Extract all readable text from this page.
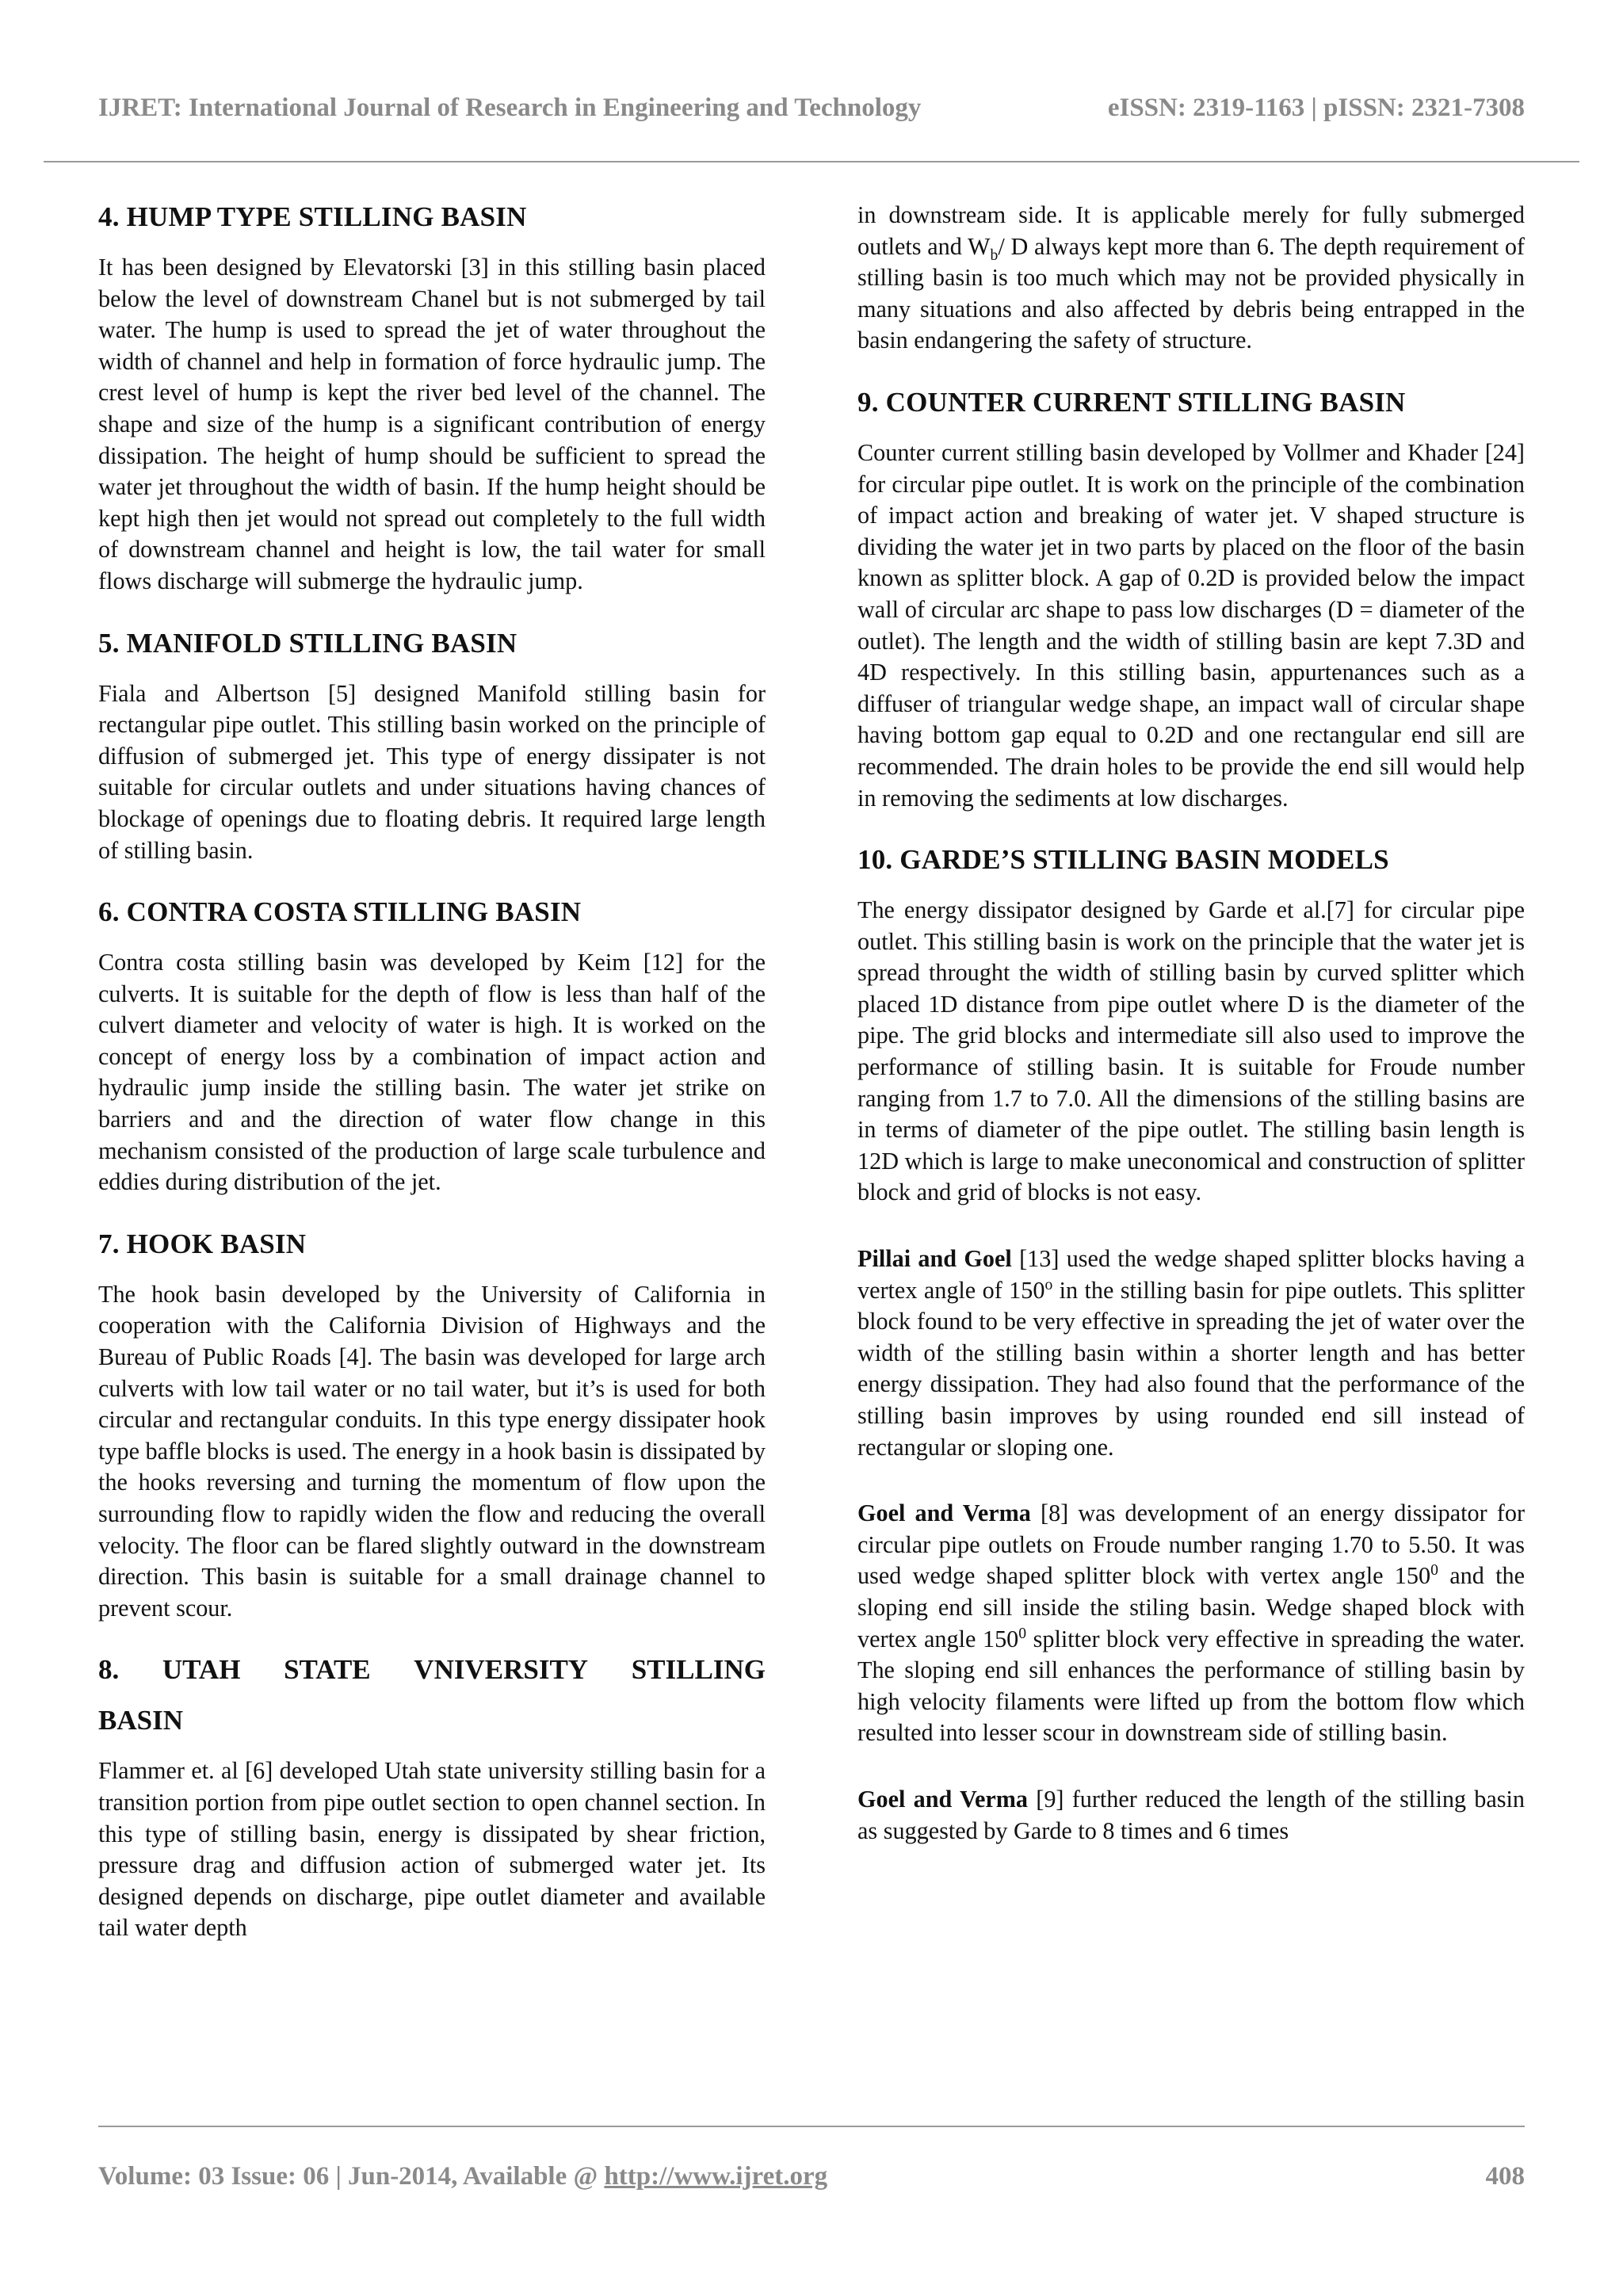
IJRET: International Journal of Research in Engineering and Technology	eISSN: 2319-1163 | pISSN: 2321-7308
4. HUMP TYPE STILLING BASIN

It has been designed by Elevatorski [3] in this stilling basin placed below the level of downstream Chanel but is not submerged by tail water. The hump is used to spread the jet of water throughout the width of channel and help in formation of force hydraulic jump. The crest level of hump is kept the river bed level of the channel. The shape and size of the hump is a significant contribution of energy dissipation. The height of hump should be sufficient to spread the water jet throughout the width of basin. If the hump height should be kept high then jet would not spread out completely to the full width of downstream channel and height is low, the tail water for small flows discharge will submerge the hydraulic jump.

5. MANIFOLD STILLING BASIN

Fiala and Albertson [5] designed Manifold stilling basin for rectangular pipe outlet. This stilling basin worked on the principle of diffusion of submerged jet. This type of energy dissipater is not suitable for circular outlets and under situations having chances of blockage of openings due to floating debris. It required large length of stilling basin.

6. CONTRA COSTA STILLING BASIN

Contra costa stilling basin was developed by Keim [12] for the culverts. It is suitable for the depth of flow is less than half of the culvert diameter and velocity of water is high. It is worked on the concept of energy loss by a combination of impact action and hydraulic jump inside the stilling basin. The water jet strike on barriers and and the direction of water flow change in this mechanism consisted of the production of large scale turbulence and eddies during distribution of the jet.

7. HOOK BASIN

The hook basin developed by the University of California in cooperation with the California Division of Highways and the Bureau of Public Roads [4]. The basin was developed for large arch culverts with low tail water or no tail water, but it’s is used for both circular and rectangular conduits. In this type energy dissipater hook type baffle blocks is used. The energy in a hook basin is dissipated by the hooks reversing and turning the momentum of flow upon the surrounding flow to rapidly widen the flow and reducing the overall velocity. The floor can be flared slightly outward in the downstream direction. This basin is suitable for a small drainage channel to prevent scour.

8. UTAH STATE VNIVERSITY STILLING
BASIN

Flammer et. al [6] developed Utah state university stilling basin for a transition portion from pipe outlet section to open channel section. In this type of stilling basin, energy is dissipated by shear friction, pressure drag and diffusion action of submerged water jet. Its designed depends on discharge, pipe outlet diameter and available tail water depth

in downstream side. It is applicable merely for fully submerged outlets and $W_b/$ D always kept more than 6. The depth requirement of stilling basin is too much which may not be provided physically in many situations and also affected by debris being entrapped in the basin endangering the safety of structure.

9. COUNTER CURRENT STILLING BASIN

Counter current stilling basin developed by Vollmer and Khader [24] for circular pipe outlet. It is work on the principle of the combination of impact action and breaking of water jet. V shaped structure is dividing the water jet in two parts by placed on the floor of the basin known as splitter block. A gap of 0.2D is provided below the impact wall of circular arc shape to pass low discharges (D = diameter of the outlet). The length and the width of stilling basin are kept 7.3D and 4D respectively. In this stilling basin, appurtenances such as a diffuser of triangular wedge shape, an impact wall of circular shape having bottom gap equal to 0.2D and one rectangular end sill are recommended. The drain holes to be provide the end sill would help in removing the sediments at low discharges.

10. GARDE’S STILLING BASIN MODELS

The energy dissipator designed by Garde et al.[7] for circular pipe outlet. This stilling basin is work on the principle that the water jet is spread throught the width of stilling basin by curved splitter which placed 1D distance from pipe outlet where D is the diameter of the pipe. The grid blocks and intermediate sill also used to improve the performance of stilling basin. It is suitable for Froude number ranging from 1.7 to 7.0. All the dimensions of the stilling basins are in terms of diameter of the pipe outlet. The stilling basin length is 12D which is large to make uneconomical and construction of splitter block and grid of blocks is not easy.

Pillai and Goel [13] used the wedge shaped splitter blocks having a vertex angle of 150$^o$ in the stilling basin for pipe outlets. This splitter block found to be very effective in spreading the jet of water over the width of the stilling basin within a shorter length and has better energy dissipation. They had also found that the performance of the stilling basin improves by using rounded end sill instead of rectangular or sloping one.

Goel and Verma [8] was development of an energy dissipator for circular pipe outlets on Froude number ranging 1.70 to 5.50. It was used wedge shaped splitter block with vertex angle $150^0$ and the sloping end sill inside the stiling basin. Wedge shaped block with vertex angle $150^0$ splitter block very effective in spreading the water. The sloping end sill enhances the performance of stilling basin by high velocity filaments were lifted up from the bottom flow which resulted into lesser scour in downstream side of stilling basin.

Goel and Verma [9] further reduced the length of the stilling basin as suggested by Garde to 8 times and 6 times

Volume: 03 Issue: 06 | Jun-2014, Available @ http://www.ijret.org	408
